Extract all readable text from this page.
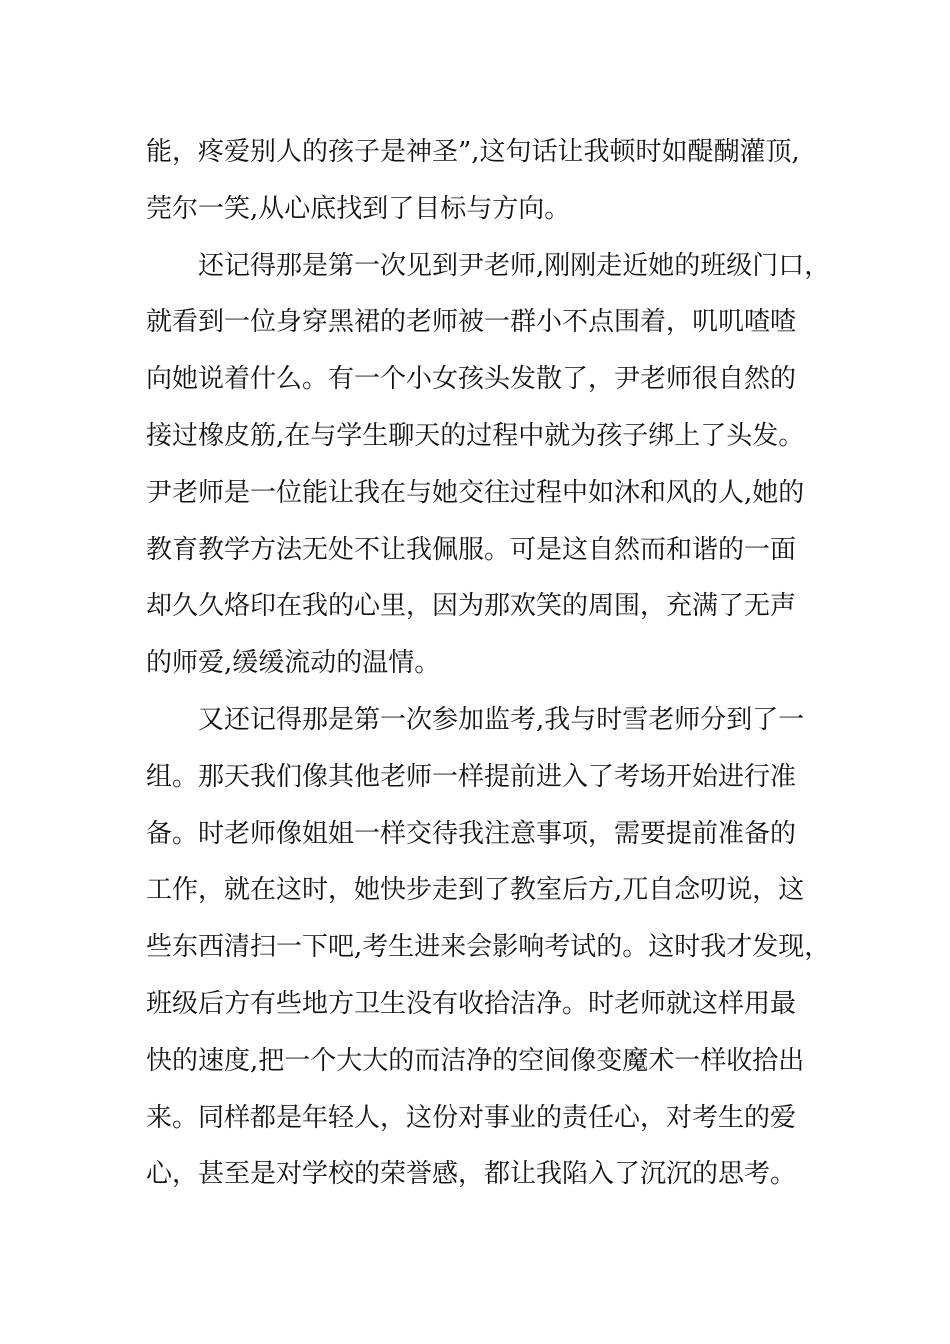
能，疼爱别人的孩子是神圣”,这句话让我顿时如醍醐灌顶,
莞尔一笑,从心底找到了目标与方向。
还记得那是第一次见到尹老师,刚刚走近她的班级门口，
就看到一位身穿黑裙的老师被一群小不点围着，叽叽喳喳
向她说着什么。有一个小女孩头发散了，尹老师很自然的
接过橡皮筋,在与学生聊天的过程中就为孩子绑上了头发。
尹老师是一位能让我在与她交往过程中如沐和风的人,她的
教育教学方法无处不让我佩服。可是这自然而和谐的一面
却久久烙印在我的心里，因为那欢笑的周围，充满了无声
的师爱,缓缓流动的温情。
又还记得那是第一次参加监考,我与时雪老师分到了一
组。那天我们像其他老师一样提前进入了考场开始进行准
备。时老师像姐姐一样交待我注意事项，需要提前准备的
工作，就在这时，她快步走到了教室后方,兀自念叨说，这
些东西清扫一下吧,考生进来会影响考试的。这时我才发现，
班级后方有些地方卫生没有收拾洁净。时老师就这样用最
快的速度,把一个大大的而洁净的空间像变魔术一样收拾出
来。同样都是年轻人，这份对事业的责任心，对考生的爱
心，甚至是对学校的荣誉感，都让我陷入了沉沉的思考。
